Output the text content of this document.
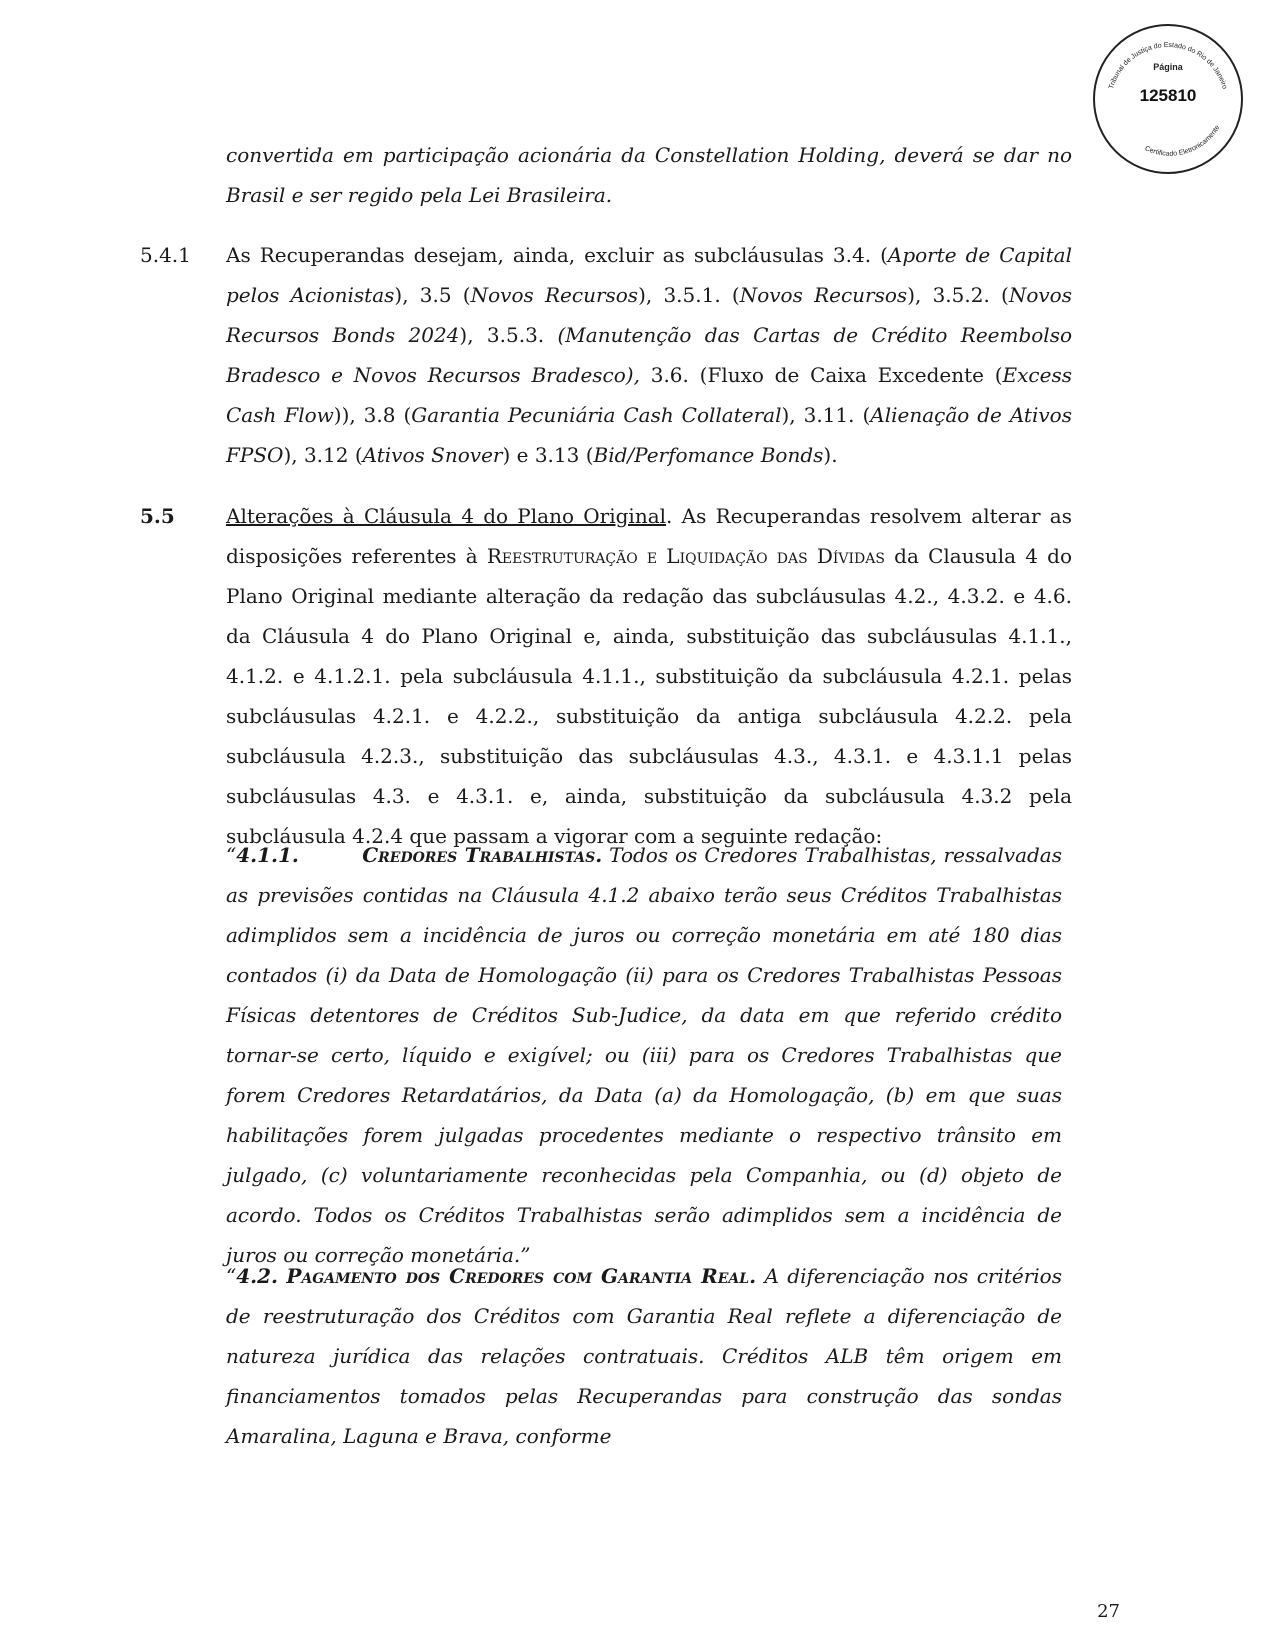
Tribunal de Justiça do Estado do Rio de Janeiro
Certificado Eletronicamente
Página
125810

convertida em participação acionária da Constellation Holding, deverá se dar no Brasil e ser regido pela Lei Brasileira.

5.4.1 As Recuperandas desejam, ainda, excluir as subcláusulas 3.4. (Aporte de Capital pelos Acionistas), 3.5 (Novos Recursos), 3.5.1. (Novos Recursos), 3.5.2. (Novos Recursos Bonds 2024), 3.5.3. (Manutenção das Cartas de Crédito Reembolso Bradesco e Novos Recursos Bradesco), 3.6. (Fluxo de Caixa Excedente (Excess Cash Flow)), 3.8 (Garantia Pecuniária Cash Collateral), 3.11. (Alienação de Ativos FPSO), 3.12 (Ativos Snover) e 3.13 (Bid/Perfomance Bonds).

5.5	Alterações à Cláusula 4 do Plano Original. As Recuperandas resolvem alterar as disposições referentes à Reestruturação e Liquidação das Dívidas da Clausula 4 do Plano Original mediante alteração da redação das subcláusulas 4.2., 4.3.2. e 4.6. da Cláusula 4 do Plano Original e, ainda, substituição das subcláusulas 4.1.1., 4.1.2. e 4.1.2.1. pela subcláusula 4.1.1., substituição da subcláusula 4.2.1. pelas subcláusulas 4.2.1. e 4.2.2., substituição da antiga subcláusula 4.2.2. pela subcláusula 4.2.3., substituição das subcláusulas 4.3., 4.3.1. e 4.3.1.1 pelas subcláusulas 4.3. e 4.3.1. e, ainda, substituição da subcláusula 4.3.2 pela subcláusula 4.2.4 que passam a vigorar com a seguinte redação:

“4.1.1.	Credores Trabalhistas. Todos os Credores Trabalhistas, ressalvadas as previsões contidas na Cláusula 4.1.2 abaixo terão seus Créditos Trabalhistas adimplidos sem a incidência de juros ou correção monetária em até 180 dias contados (i) da Data de Homologação (ii) para os Credores Trabalhistas Pessoas Físicas detentores de Créditos Sub-Judice, da data em que referido crédito tornar-se certo, líquido e exigível; ou (iii) para os Credores Trabalhistas que forem Credores Retardatários, da Data (a) da Homologação, (b) em que suas habilitações forem julgadas procedentes mediante o respectivo trânsito em julgado, (c) voluntariamente reconhecidas pela Companhia, ou (d) objeto de acordo. Todos os Créditos Trabalhistas serão adimplidos sem a incidência de juros ou correção monetária.”

“4.2. Pagamento dos Credores com Garantia Real. A diferenciação nos critérios de reestruturação dos Créditos com Garantia Real reflete a diferenciação de natureza jurídica das relações contratuais. Créditos ALB têm origem em financiamentos tomados pelas Recuperandas para construção das sondas Amaralina, Laguna e Brava, conforme

27
